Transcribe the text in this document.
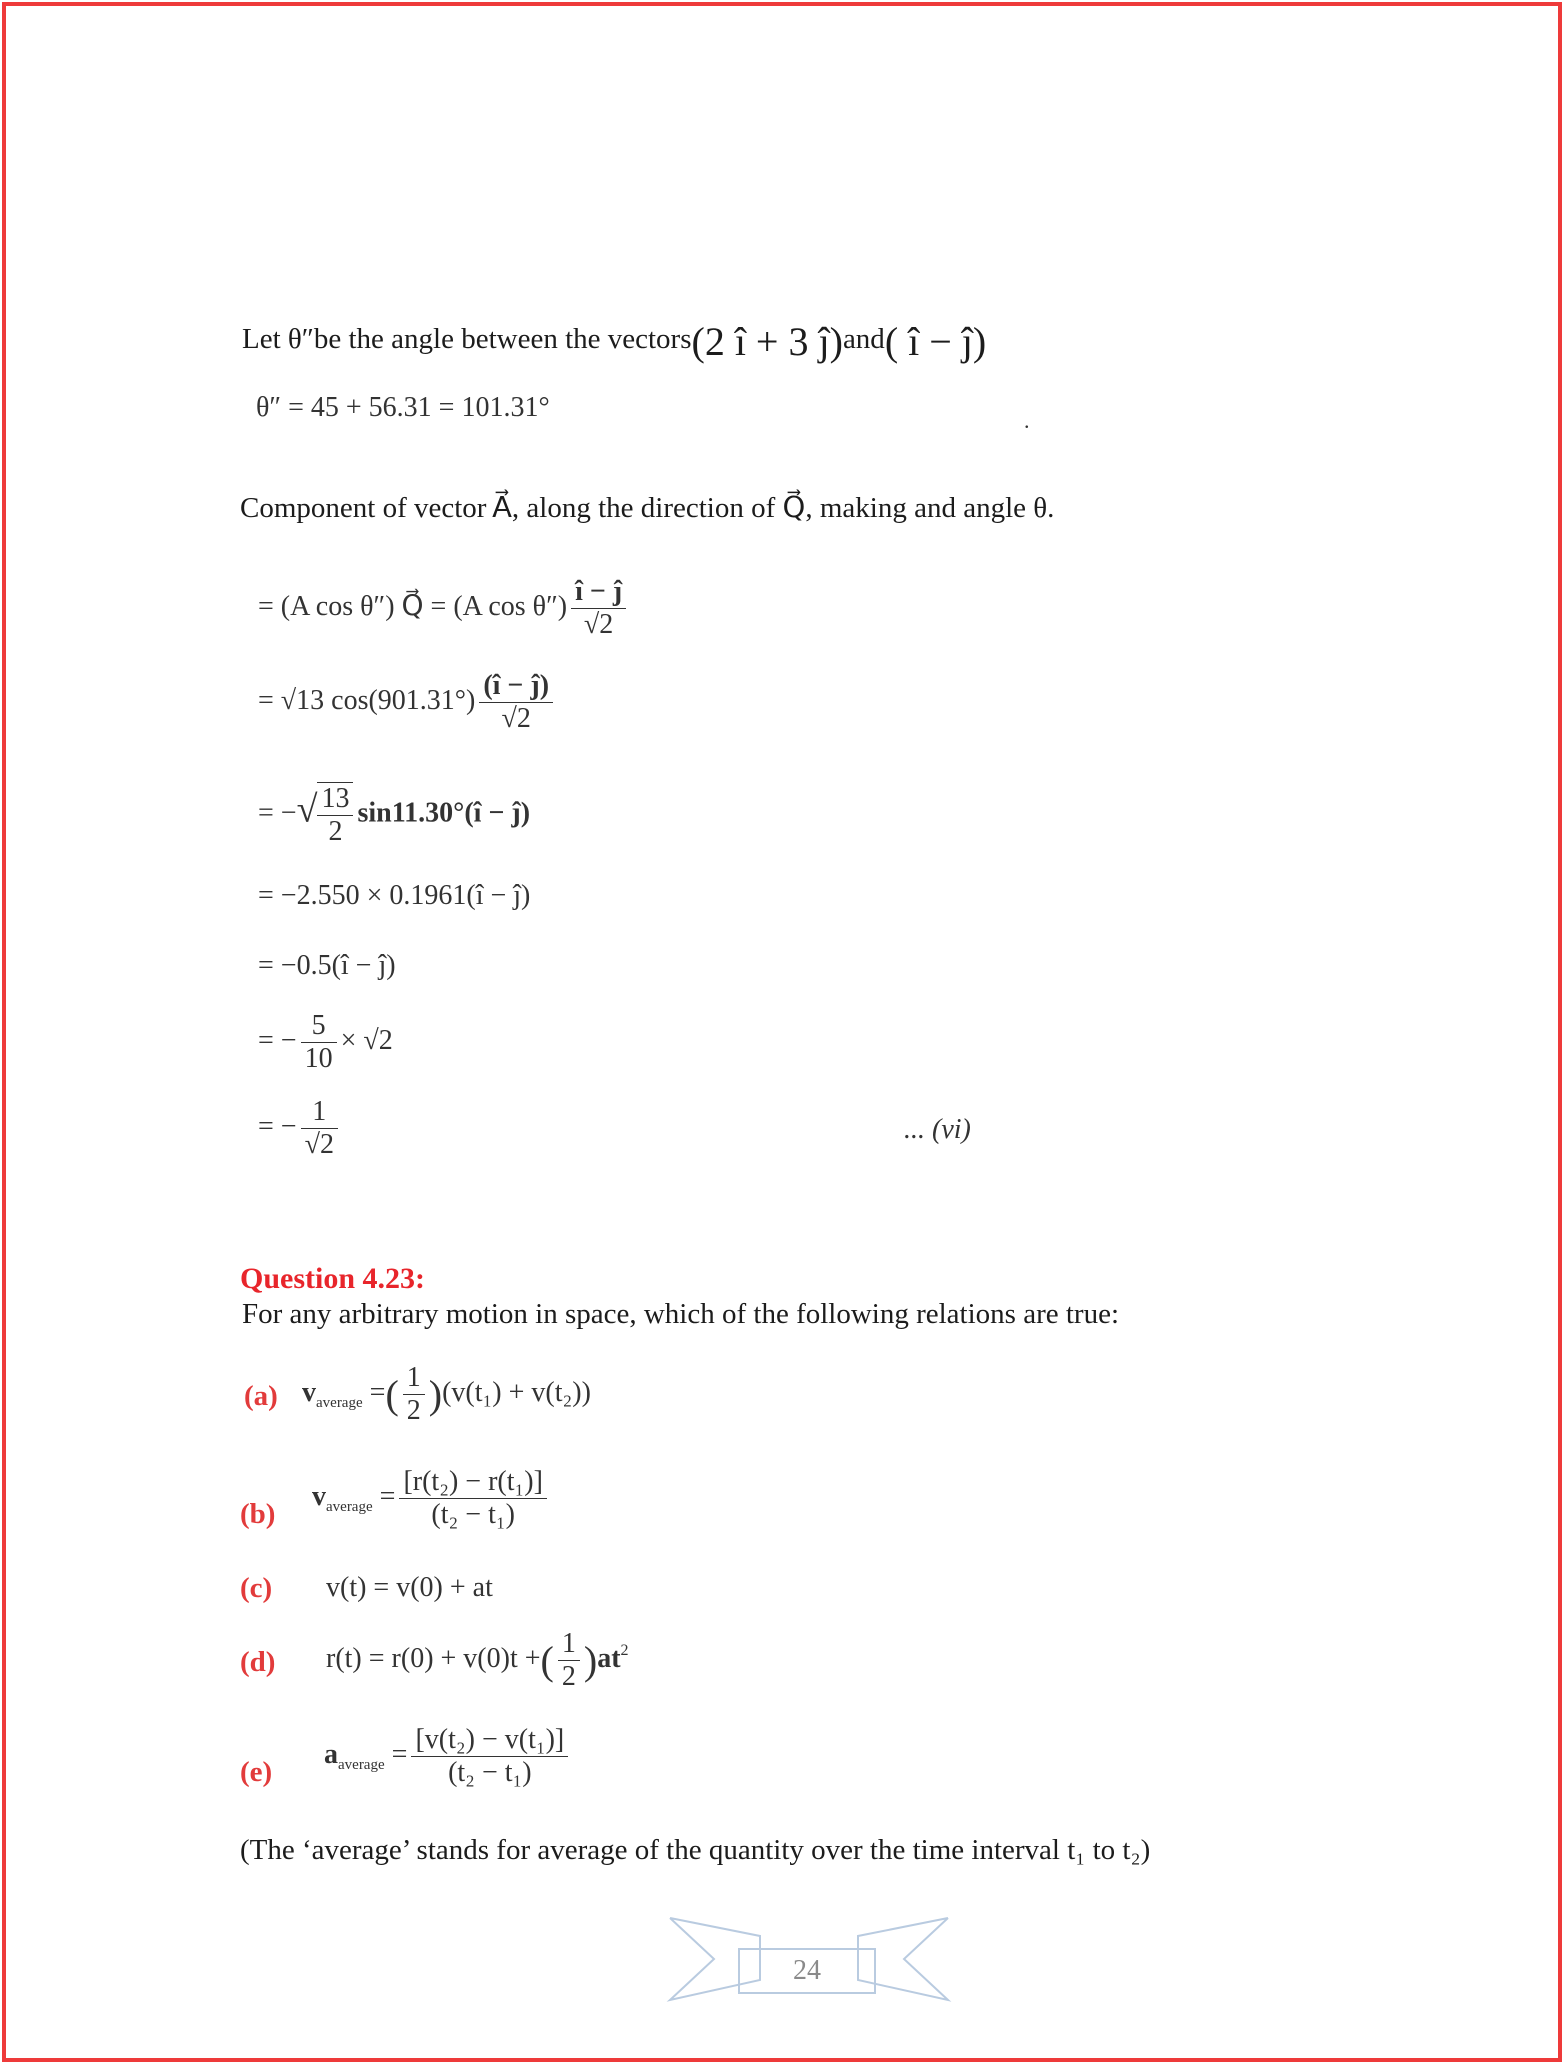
Let θ″be the angle between the vectors(2 î + 3 ĵ)and( î − ĵ)
θ″ = 45 + 56.31 = 101.31°	.
Component of vector A⃗, along the direction of Q⃗, making and angle θ.
= (A cos θ″) Q⃗ = (A $\cos \theta'') \frac{î - ĵ}{√2}$
= √13 $\cos(901.31^\circ) \frac{(î - ĵ)}{√2}$
= −√ $\frac{13}{2}$ sin11.30°(î − ĵ)
= −2.550 × 0.1961(î − ĵ)
= −0.5(î − ĵ)
= − $\frac{5}{10} \times √2$
= − $\frac{1}{√2}$	... (vi)
Question 4.23:
For any arbitrary motion in space, which of the following relations are true:
(a) $v_{average}$ =( $\frac{1}{2} )(v(t_1) + v(t_2))$
(b)
$v_{average} = \frac{\text{[r(t₂) − r(t₁)]}}{\text{(t₂ − t₁)}}$
(c) v(t) = v(0) + at
(d) r(t) = r(0) + v(0)t +( $\frac{1}{2} )at^2$
(e)
$a_{average} = \frac{\text{[v(t₂) − v(t₁)]}}{\text{(t₂ − t₁)}}$
(The ‘average’ stands for average of the quantity over the time interval t₁ to t₂)
24
